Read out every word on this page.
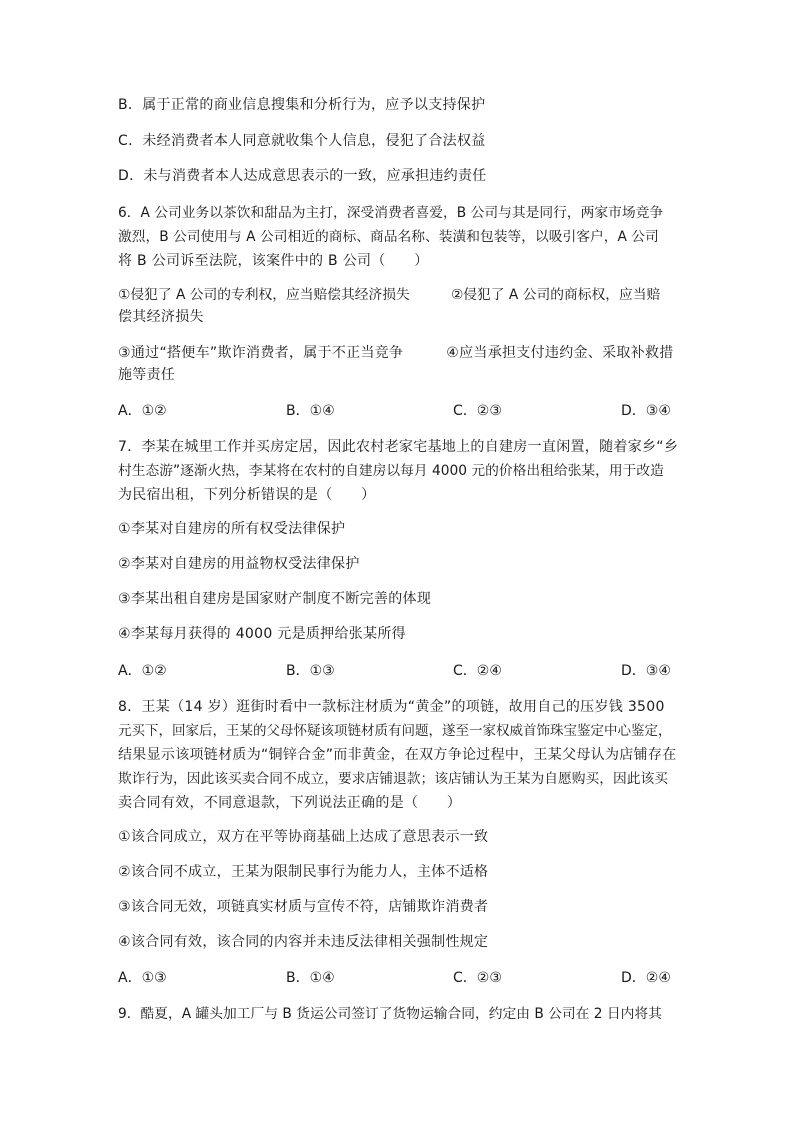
B．属于正常的商业信息搜集和分析行为，应予以支持保护
C．未经消费者本人同意就收集个人信息，侵犯了合法权益
D．未与消费者本人达成意思表示的一致，应承担违约责任
6．A 公司业务以茶饮和甜品为主打，深受消费者喜爱，B 公司与其是同行，两家市场竞争
激烈，B 公司使用与 A 公司相近的商标、商品名称、装潢和包装等，以吸引客户，A 公司
将 B 公司诉至法院，该案件中的 B 公司（　　）
①侵犯了 A 公司的专利权，应当赔偿其经济损失　　　②侵犯了 A 公司的商标权，应当赔
偿其经济损失
③通过“搭便车”欺诈消费者，属于不正当竞争　　　④应当承担支付违约金、采取补救措
施等责任
A．①②	B．①④	C．②③	D．③④
7．李某在城里工作并买房定居，因此农村老家宅基地上的自建房一直闲置，随着家乡“乡
村生态游”逐渐火热，李某将在农村的自建房以每月 4000 元的价格出租给张某，用于改造
为民宿出租，下列分析错误的是（　　）
①李某对自建房的所有权受法律保护
②李某对自建房的用益物权受法律保护
③李某出租自建房是国家财产制度不断完善的体现
④李某每月获得的 4000 元是质押给张某所得
A．①②	B．①③	C．②④	D．③④
8．王某（14 岁）逛街时看中一款标注材质为“黄金”的项链，故用自己的压岁钱 3500
元买下，回家后，王某的父母怀疑该项链材质有问题，遂至一家权威首饰珠宝鉴定中心鉴定，
结果显示该项链材质为“铜锌合金”而非黄金，在双方争论过程中，王某父母认为店铺存在
欺诈行为，因此该买卖合同不成立，要求店铺退款；该店铺认为王某为自愿购买，因此该买
卖合同有效，不同意退款，下列说法正确的是（　　）
①该合同成立，双方在平等协商基础上达成了意思表示一致
②该合同不成立，王某为限制民事行为能力人，主体不适格
③该合同无效，项链真实材质与宣传不符，店铺欺诈消费者
④该合同有效，该合同的内容并未违反法律相关强制性规定
A．①③	B．①④	C．②③	D．②④
9．酷夏，A 罐头加工厂与 B 货运公司签订了货物运输合同，约定由 B 公司在 2 日内将其
